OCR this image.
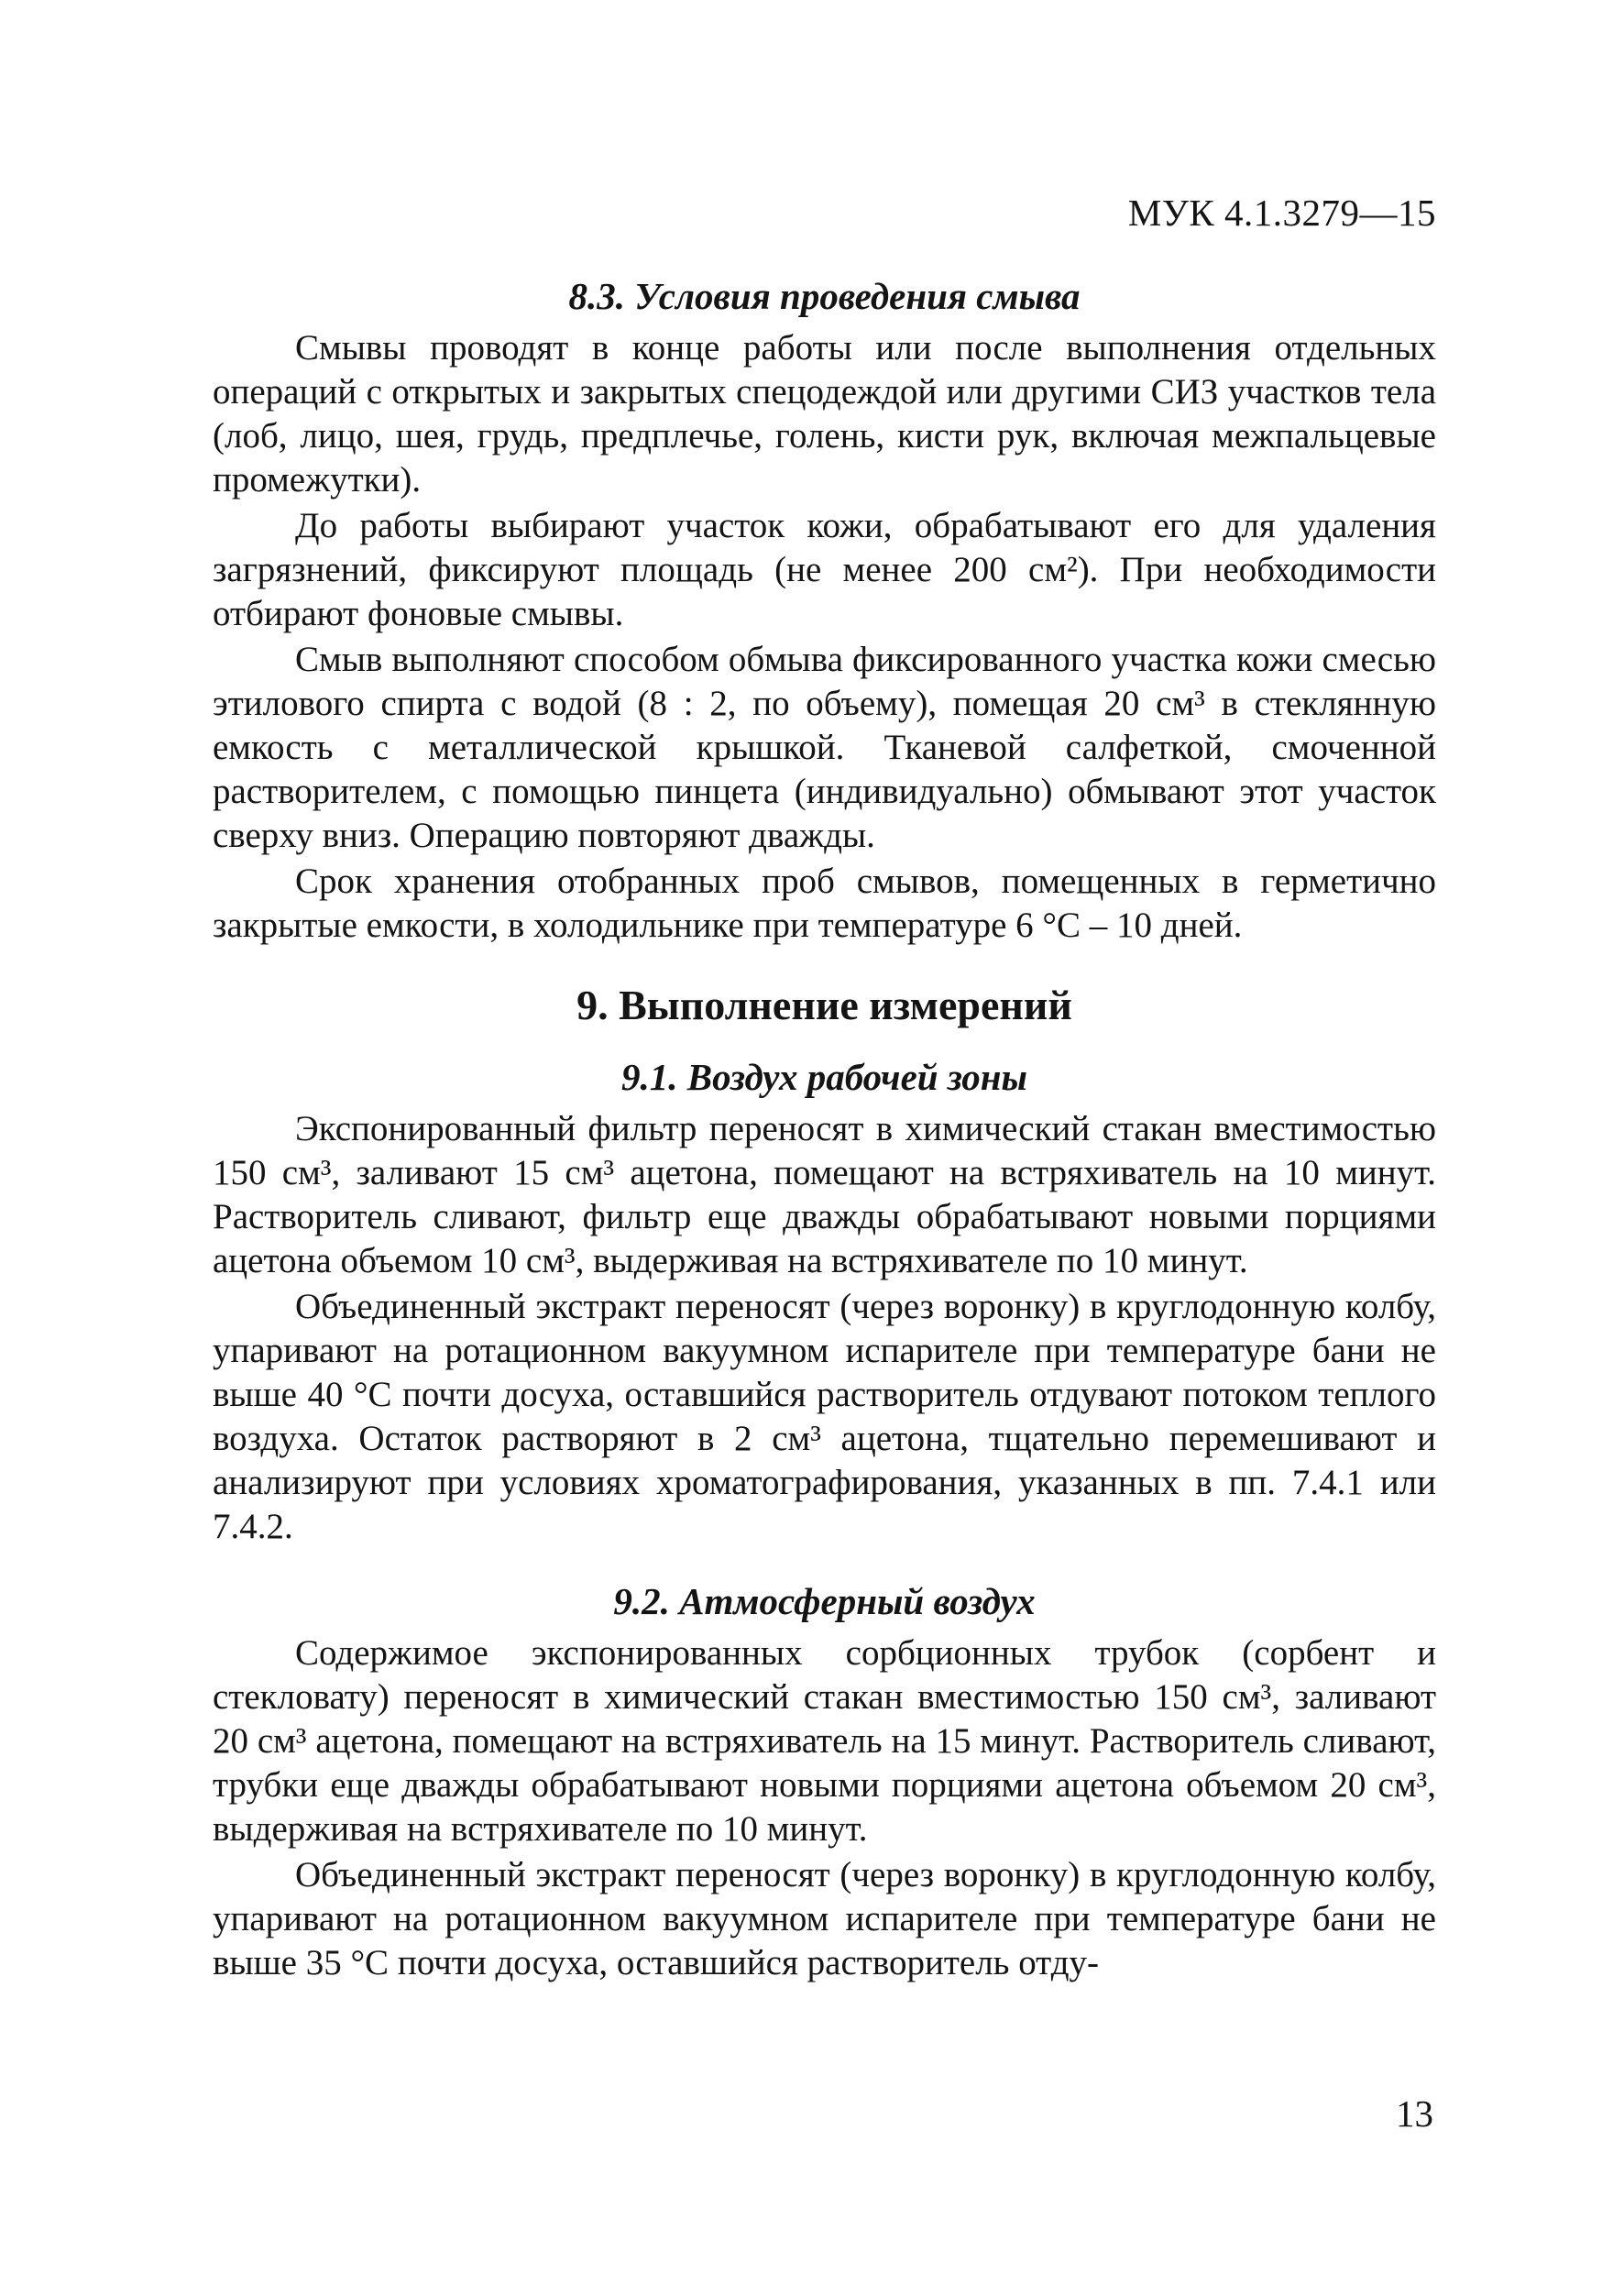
МУК 4.1.3279—15
8.3. Условия проведения смыва

Смывы проводят в конце работы или после выполнения отдельных операций с открытых и закрытых спецодеждой или другими СИЗ участков тела (лоб, лицо, шея, грудь, предплечье, голень, кисти рук, включая межпальцевые промежутки).

До работы выбирают участок кожи, обрабатывают его для удаления загрязнений, фиксируют площадь (не менее 200 см²). При необходимости отбирают фоновые смывы.

Смыв выполняют способом обмыва фиксированного участка кожи смесью этилового спирта с водой (8 : 2, по объему), помещая 20 см³ в стеклянную емкость с металлической крышкой. Тканевой салфеткой, смоченной растворителем, с помощью пинцета (индивидуально) обмывают этот участок сверху вниз. Операцию повторяют дважды.

Срок хранения отобранных проб смывов, помещенных в герметично закрытые емкости, в холодильнике при температуре 6 °С – 10 дней.

9. Выполнение измерений
9.1. Воздух рабочей зоны

Экспонированный фильтр переносят в химический стакан вместимостью 150 см³, заливают 15 см³ ацетона, помещают на встряхиватель на 10 минут. Растворитель сливают, фильтр еще дважды обрабатывают новыми порциями ацетона объемом 10 см³, выдерживая на встряхивателе по 10 минут.

Объединенный экстракт переносят (через воронку) в круглодонную колбу, упаривают на ротационном вакуумном испарителе при температуре бани не выше 40 °С почти досуха, оставшийся растворитель отдувают потоком теплого воздуха. Остаток растворяют в 2 см³ ацетона, тщательно перемешивают и анализируют при условиях хроматографирования, указанных в пп. 7.4.1 или 7.4.2.

9.2. Атмосферный воздух

Содержимое экспонированных сорбционных трубок (сорбент и стекловату) переносят в химический стакан вместимостью 150 см³, заливают 20 см³ ацетона, помещают на встряхиватель на 15 минут. Растворитель сливают, трубки еще дважды обрабатывают новыми порциями ацетона объемом 20 см³, выдерживая на встряхивателе по 10 минут.

Объединенный экстракт переносят (через воронку) в круглодонную колбу, упаривают на ротационном вакуумном испарителе при температуре бани не выше 35 °С почти досуха, оставшийся растворитель отду-

13
